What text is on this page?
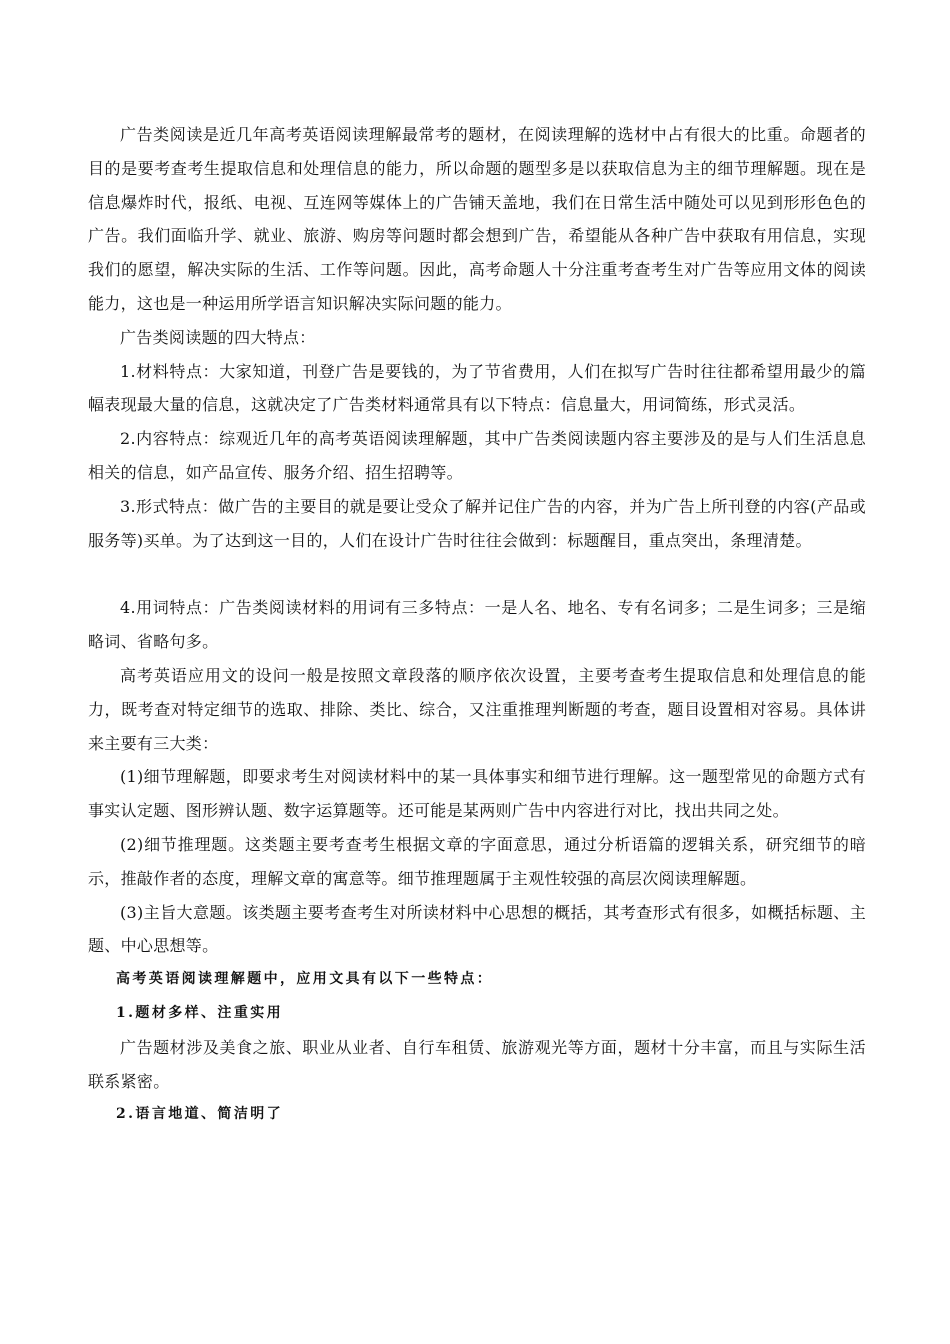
广告类阅读是近几年高考英语阅读理解最常考的题材，在阅读理解的选材中占有很大的比重。命题者的目的是要考查考生提取信息和处理信息的能力，所以命题的题型多是以获取信息为主的细节理解题。现在是信息爆炸时代，报纸、电视、互连网等媒体上的广告铺天盖地，我们在日常生活中随处可以见到形形色色的广告。我们面临升学、就业、旅游、购房等问题时都会想到广告，希望能从各种广告中获取有用信息，实现我们的愿望，解决实际的生活、工作等问题。因此，高考命题人十分注重考查考生对广告等应用文体的阅读能力，这也是一种运用所学语言知识解决实际问题的能力。

广告类阅读题的四大特点：

1.材料特点：大家知道，刊登广告是要钱的，为了节省费用，人们在拟写广告时往往都希望用最少的篇幅表现最大量的信息，这就决定了广告类材料通常具有以下特点：信息量大，用词简练，形式灵活。

2.内容特点：综观近几年的高考英语阅读理解题，其中广告类阅读题内容主要涉及的是与人们生活息息相关的信息，如产品宣传、服务介绍、招生招聘等。

3.形式特点：做广告的主要目的就是要让受众了解并记住广告的内容，并为广告上所刊登的内容(产品或服务等)买单。为了达到这一目的，人们在设计广告时往往会做到：标题醒目，重点突出，条理清楚。

4.用词特点：广告类阅读材料的用词有三多特点：一是人名、地名、专有名词多；二是生词多；三是缩略词、省略句多。

高考英语应用文的设问一般是按照文章段落的顺序依次设置，主要考查考生提取信息和处理信息的能力，既考查对特定细节的选取、排除、类比、综合，又注重推理判断题的考查，题目设置相对容易。具体讲来主要有三大类：

(1)细节理解题，即要求考生对阅读材料中的某一具体事实和细节进行理解。这一题型常见的命题方式有事实认定题、图形辨认题、数字运算题等。还可能是某两则广告中内容进行对比，找出共同之处。

(2)细节推理题。这类题主要考查考生根据文章的字面意思，通过分析语篇的逻辑关系，研究细节的暗示，推敲作者的态度，理解文章的寓意等。细节推理题属于主观性较强的高层次阅读理解题。

(3)主旨大意题。该类题主要考查考生对所读材料中心思想的概括，其考查形式有很多，如概括标题、主题、中心思想等。

高考英语阅读理解题中，应用文具有以下一些特点：

1.题材多样、注重实用

广告题材涉及美食之旅、职业从业者、自行车租赁、旅游观光等方面，题材十分丰富，而且与实际生活联系紧密。

2.语言地道、简洁明了
